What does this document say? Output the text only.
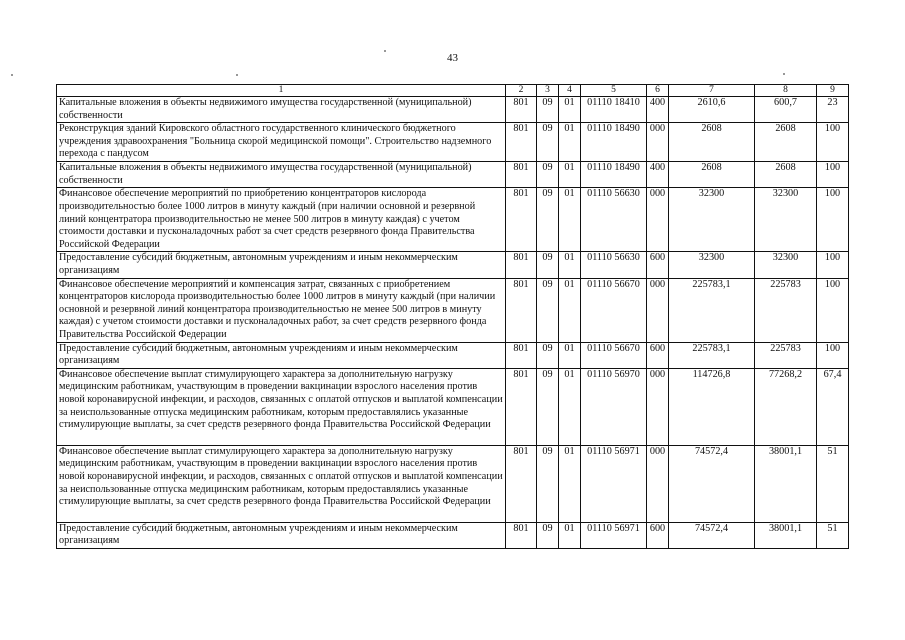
43
1	2	3	4	5	6	7	8	9
Капитальные вложения в объекты недвижимого имущества государственной (муниципальной) собственности	801	09	01	01110 18410	400	2610,6	600,7	23
Реконструкция зданий Кировского областного государственного клинического бюджетного учреждения здравоохранения "Больница скорой медицинской помощи". Строительство надземного перехода с пандусом	801	09	01	01110 18490	000	2608	2608	100
Капитальные вложения в объекты недвижимого имущества государственной (муниципальной) собственности	801	09	01	01110 18490	400	2608	2608	100
Финансовое обеспечение мероприятий по приобретению концентраторов кислорода производительностью более 1000 литров в минуту каждый (при наличии основной и резервной линий концентратора производительностью не менее 500 литров в минуту каждая) с учетом стоимости доставки и пусконаладочных работ за счет средств резервного фонда Правительства Российской Федерации	801	09	01	01110 56630	000	32300	32300	100
Предоставление субсидий бюджетным, автономным учреждениям и иным некоммерческим организациям	801	09	01	01110 56630	600	32300	32300	100
Финансовое обеспечение мероприятий и компенсация затрат, связанных с приобретением концентраторов кислорода производительностью более 1000 литров в минуту каждый (при наличии основной и резервной линий концентратора производительностью не менее 500 литров в минуту каждая) с учетом стоимости доставки и пусконаладочных работ, за счет средств резервного фонда Правительства Российской Федерации	801	09	01	01110 56670	000	225783,1	225783	100
Предоставление субсидий бюджетным, автономным учреждениям и иным некоммерческим организациям	801	09	01	01110 56670	600	225783,1	225783	100
Финансовое обеспечение выплат стимулирующего характера за дополнительную нагрузку медицинским работникам, участвующим в проведении вакцинации взрослого населения против новой коронавирусной инфекции, и расходов, связанных с оплатой отпусков и выплатой компенсации за неиспользованные отпуска медицинским работникам, которым предоставлялись указанные стимулирующие выплаты, за счет средств резервного фонда Правительства Российской Федерации	801	09	01	01110 56970	000	114726,8	77268,2	67,4
Финансовое обеспечение выплат стимулирующего характера за дополнительную нагрузку медицинским работникам, участвующим в проведении вакцинации взрослого населения против новой коронавирусной инфекции, и расходов, связанных с оплатой отпусков и выплатой компенсации за неиспользованные отпуска медицинским работникам, которым предоставлялись указанные стимулирующие выплаты, за счет средств резервного фонда Правительства Российской Федерации	801	09	01	01110 56971	000	74572,4	38001,1	51
Предоставление субсидий бюджетным, автономным учреждениям и иным некоммерческим организациям	801	09	01	01110 56971	600	74572,4	38001,1	51
